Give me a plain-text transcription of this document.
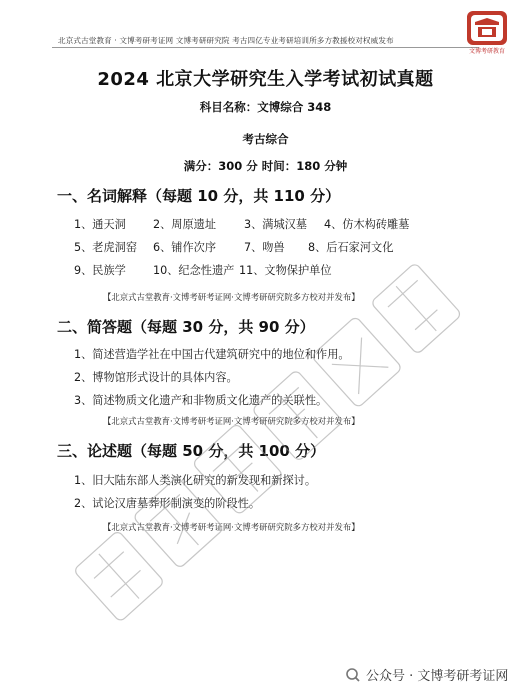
北京式古堂教育 · 文博考研考证网 文博考研研究院 考古四亿专业考研培训所多方教援校对权威发布
文博考研教育
2024 北京大学研究生入学考试初试真题
科目名称：文博综合 348
考古综合
满分：300 分 时间：180 分钟
一、名词解释（每题 10 分，共 110 分）
1、通天洞 2、周原遗址 3、满城汉墓 4、仿木构砖雕墓
5、老虎洞窑 6、铺作次序 7、吻兽 8、后石家河文化
9、民族学 10、纪念性遗产 11、文物保护单位
【北京式古堂教育·文博考研考证网·文博考研研究院多方校对并发布】
二、简答题（每题 30 分，共 90 分）
1、简述营造学社在中国古代建筑研究中的地位和作用。
2、博物馆形式设计的具体内容。
3、简述物质文化遗产和非物质文化遗产的关联性。
【北京式古堂教育·文博考研考证网·文博考研研究院多方校对并发布】
三、论述题（每题 50 分，共 100 分）
1、旧大陆东部人类演化研究的新发现和新探讨。
2、试论汉唐墓葬形制演变的阶段性。
【北京式古堂教育·文博考研考证网·文博考研研究院多方校对并发布】
公众号 · 文博考研考证网
